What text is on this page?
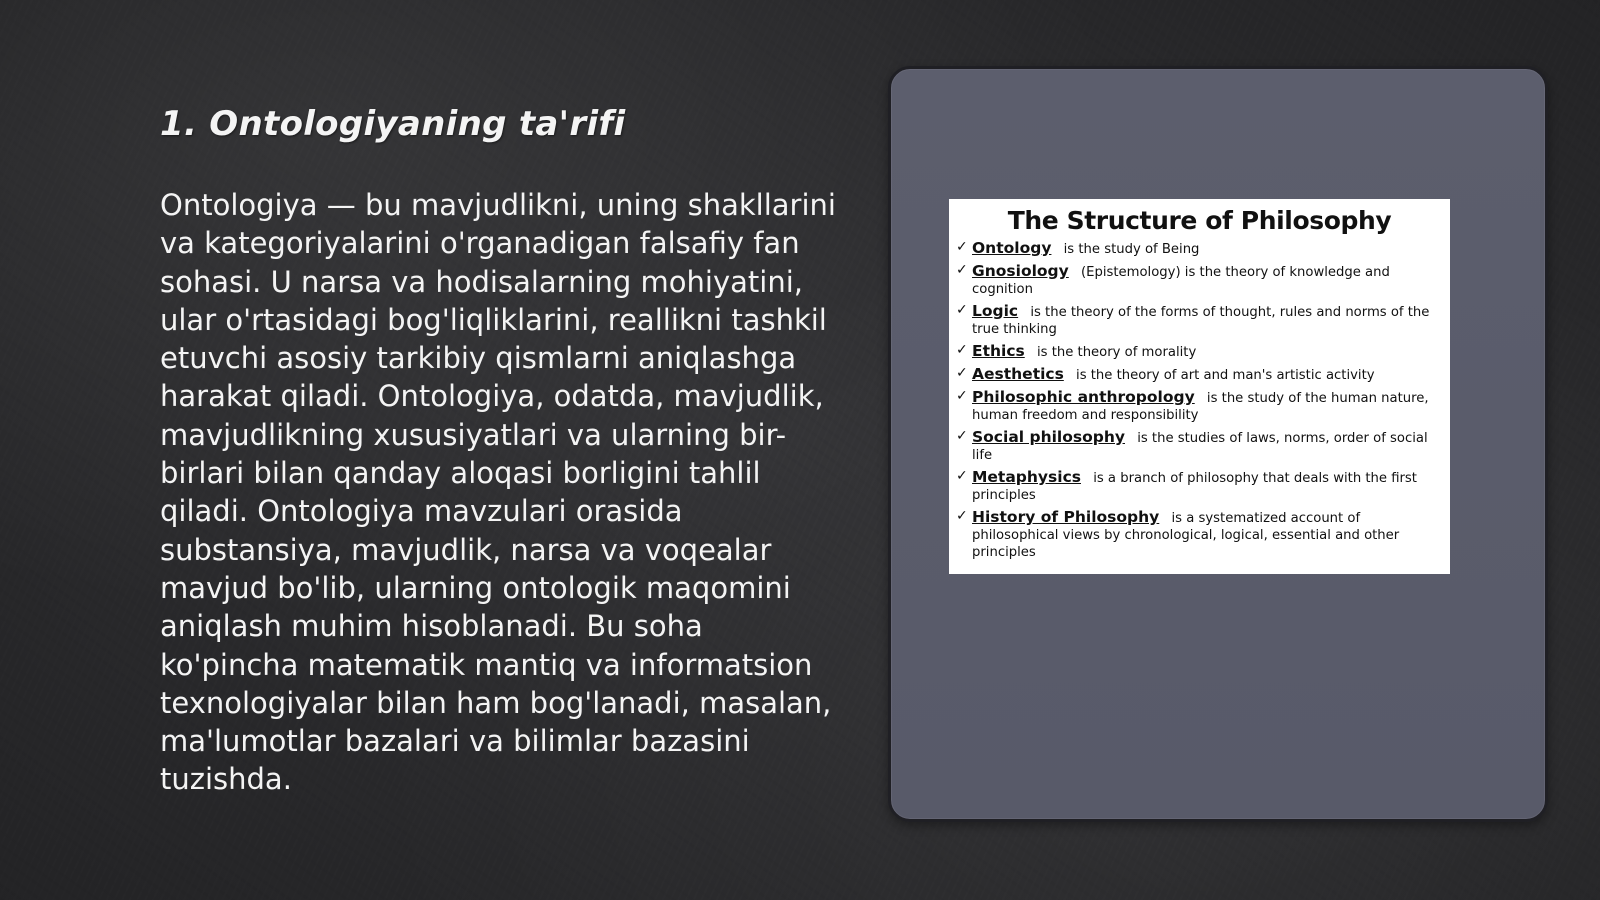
1. Ontologiyaning ta'rifi

Ontologiya — bu mavjudlikni, uning shakllarini va kategoriyalarini o'rganadigan falsafiy fan sohasi. U narsa va hodisalarning mohiyatini, ular o'rtasidagi bog'liqliklarini, reallikni tashkil etuvchi asosiy tarkibiy qismlarni aniqlashga harakat qiladi. Ontologiya, odatda, mavjudlik, mavjudlikning xususiyatlari va ularning bir-birlari bilan qanday aloqasi borligini tahlil qiladi. Ontologiya mavzulari orasida substansiya, mavjudlik, narsa va voqealar mavjud bo'lib, ularning ontologik maqomini aniqlash muhim hisoblanadi. Bu soha ko'pincha matematik mantiq va informatsion texnologiyalar bilan ham bog'lanadi, masalan, ma'lumotlar bazalari va bilimlar bazasini tuzishda.

The Structure of Philosophy
✓ Ontology is the study of Being
✓ Gnosiology (Epistemology) is the theory of knowledge and cognition
✓ Logic is the theory of the forms of thought, rules and norms of the true thinking
✓ Ethics is the theory of morality
✓ Aesthetics is the theory of art and man's artistic activity
✓ Philosophic anthropology is the study of the human nature, human freedom and responsibility
✓ Social philosophy is the studies of laws, norms, order of social life
✓ Metaphysics is a branch of philosophy that deals with the first principles
✓ History of Philosophy is a systematized account of philosophical views by chronological, logical, essential and other principles
